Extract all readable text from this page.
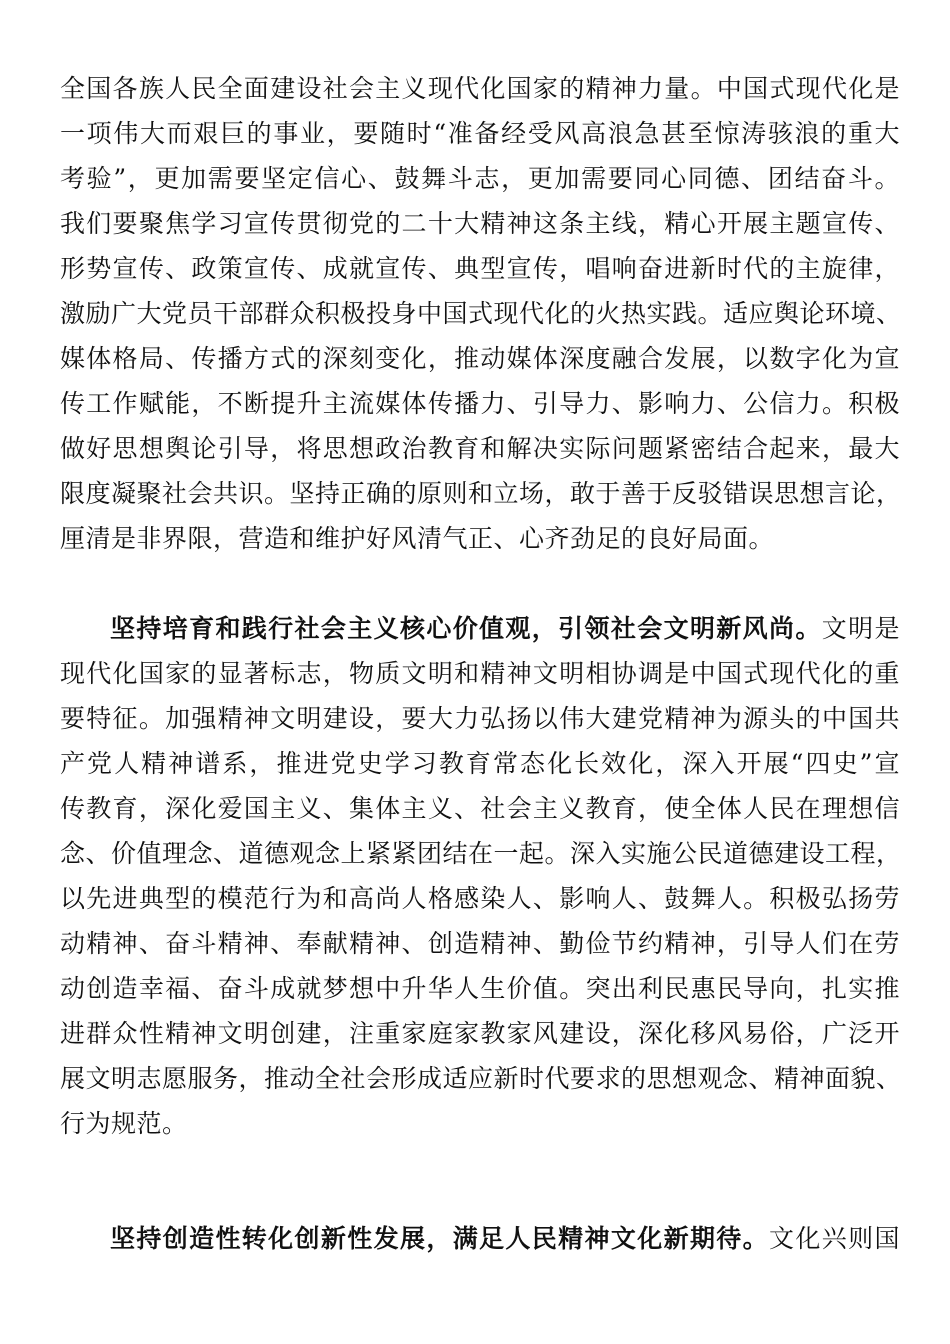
全国各族人民全面建设社会主义现代化国家的精神力量。中国式现代化是
一项伟大而艰巨的事业，要随时“准备经受风高浪急甚至惊涛骇浪的重大
考验”，更加需要坚定信心、鼓舞斗志，更加需要同心同德、团结奋斗。
我们要聚焦学习宣传贯彻党的二十大精神这条主线，精心开展主题宣传、
形势宣传、政策宣传、成就宣传、典型宣传，唱响奋进新时代的主旋律，
激励广大党员干部群众积极投身中国式现代化的火热实践。适应舆论环境、
媒体格局、传播方式的深刻变化，推动媒体深度融合发展，以数字化为宣
传工作赋能，不断提升主流媒体传播力、引导力、影响力、公信力。积极
做好思想舆论引导，将思想政治教育和解决实际问题紧密结合起来，最大
限度凝聚社会共识。坚持正确的原则和立场，敢于善于反驳错误思想言论，
厘清是非界限，营造和维护好风清气正、心齐劲足的良好局面。
坚持培育和践行社会主义核心价值观，引领社会文明新风尚。文明是
现代化国家的显著标志，物质文明和精神文明相协调是中国式现代化的重
要特征。加强精神文明建设，要大力弘扬以伟大建党精神为源头的中国共
产党人精神谱系，推进党史学习教育常态化长效化，深入开展“四史”宣
传教育，深化爱国主义、集体主义、社会主义教育，使全体人民在理想信
念、价值理念、道德观念上紧紧团结在一起。深入实施公民道德建设工程，
以先进典型的模范行为和高尚人格感染人、影响人、鼓舞人。积极弘扬劳
动精神、奋斗精神、奉献精神、创造精神、勤俭节约精神，引导人们在劳
动创造幸福、奋斗成就梦想中升华人生价值。突出利民惠民导向，扎实推
进群众性精神文明创建，注重家庭家教家风建设，深化移风易俗，广泛开
展文明志愿服务，推动全社会形成适应新时代要求的思想观念、精神面貌、
行为规范。
坚持创造性转化创新性发展，满足人民精神文化新期待。文化兴则国
